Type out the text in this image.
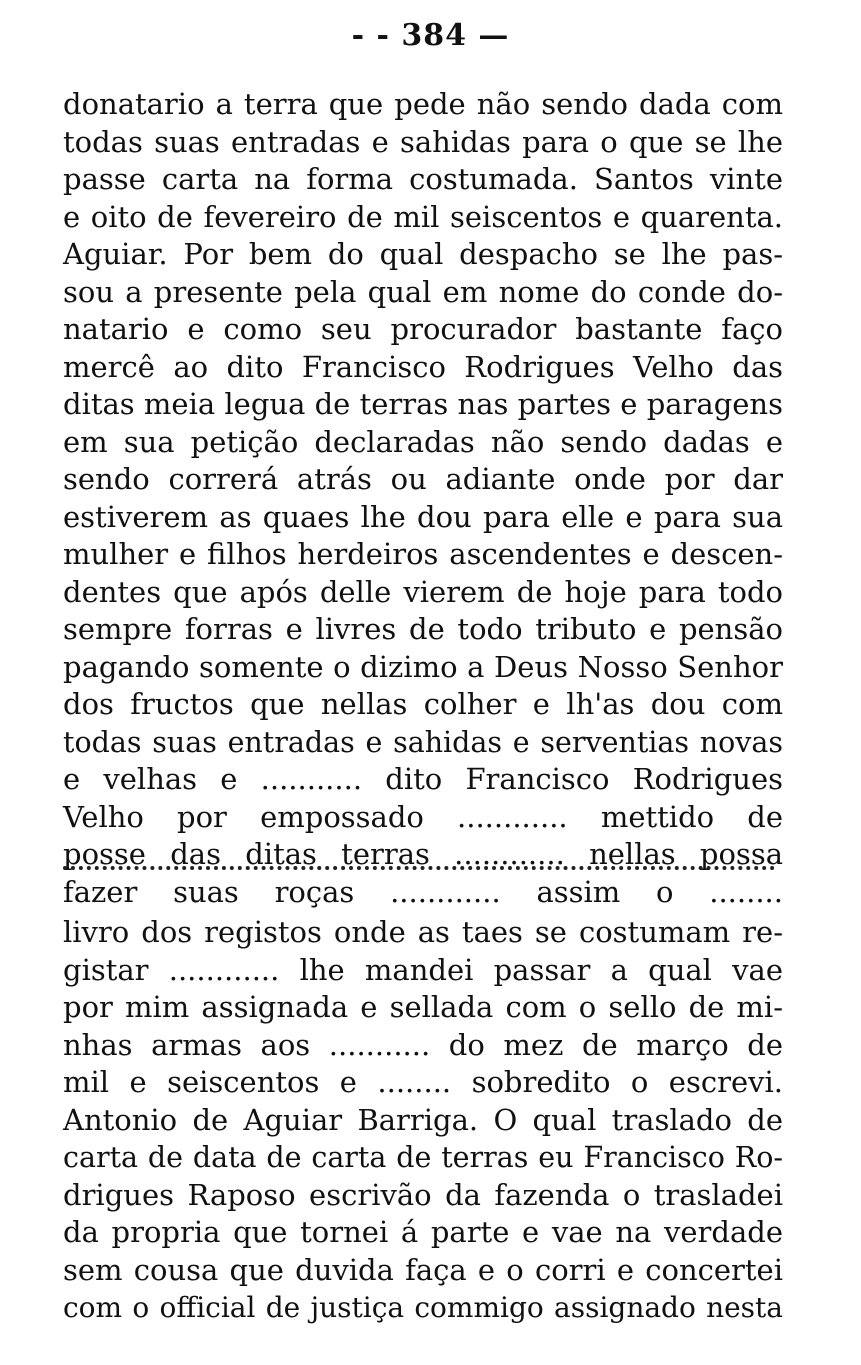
- - 384 —
donatario a terra que pede não sendo dada com
todas suas entradas e sahidas para o que se lhe
passe carta na forma costumada. Santos vinte
e oito de fevereiro de mil seiscentos e quarenta.
Aguiar. Por bem do qual despacho se lhe pas-
sou a presente pela qual em nome do conde do-
natario e como seu procurador bastante faço
mercê ao dito Francisco Rodrigues Velho das
ditas meia legua de terras nas partes e paragens
em sua petição declaradas não sendo dadas e
sendo correrá atrás ou adiante onde por dar
estiverem as quaes lhe dou para elle e para sua
mulher e filhos herdeiros ascendentes e descen-
dentes que após delle vierem de hoje para todo
sempre forras e livres de todo tributo e pensão
pagando somente o dizimo a Deus Nosso Senhor
dos fructos que nellas colher e lh'as dou com
todas suas entradas e sahidas e serventias novas
e velhas e ........... dito Francisco Rodrigues
Velho por empossado ............ mettido de
posse das ditas terras ............ nellas possa
fazer suas roças ............ assim o ........
livro dos registos onde as taes se costumam re-
gistar ............ lhe mandei passar a qual vae
por mim assignada e sellada com o sello de mi-
nhas armas aos ........... do mez de março de
mil e seiscentos e ........ sobredito o escrevi.
Antonio de Aguiar Barriga. O qual traslado de
carta de data de carta de terras eu Francisco Ro-
drigues Raposo escrivão da fazenda o trasladei
da propria que tornei á parte e vae na verdade
sem cousa que duvida faça e o corri e concertei
com o official de justiça commigo assignado nesta
